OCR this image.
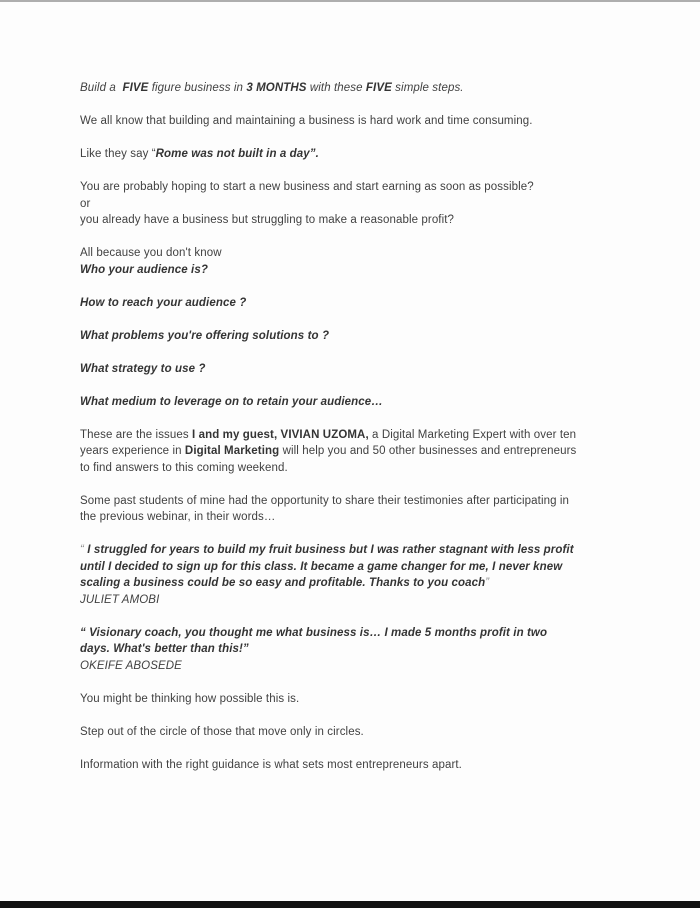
Build a  FIVE figure business in 3 MONTHS with these FIVE simple steps.

We all know that building and maintaining a business is hard work and time consuming.

Like they say “Rome was not built in a day”.

You are probably hoping to start a new business and start earning as soon as possible?
or
you already have a business but struggling to make a reasonable profit?

All because you don't know
Who your audience is?

How to reach your audience ?

What problems you're offering solutions to ?

What strategy to use ?

What medium to leverage on to retain your audience…

These are the issues I and my guest, VIVIAN UZOMA, a Digital Marketing Expert with over ten
years experience in Digital Marketing will help you and 50 other businesses and entrepreneurs
to find answers to this coming weekend.

Some past students of mine had the opportunity to share their testimonies after participating in
the previous webinar, in their words…

“ I struggled for years to build my fruit business but I was rather stagnant with less profit
until I decided to sign up for this class. It became a game changer for me, I never knew
scaling a business could be so easy and profitable. Thanks to you coach”
JULIET AMOBI

“ Visionary coach, you thought me what business is… I made 5 months profit in two
days. What's better than this!”
OKEIFE ABOSEDE

You might be thinking how possible this is.

Step out of the circle of those that move only in circles.

Information with the right guidance is what sets most entrepreneurs apart.
